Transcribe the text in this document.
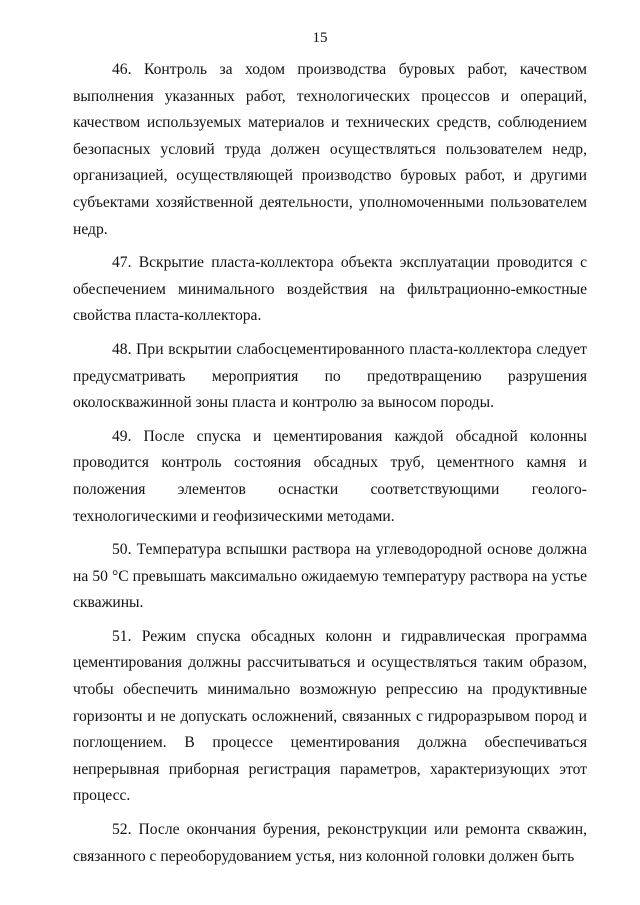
15

46. Контроль за ходом производства буровых работ, качеством выполнения указанных работ, технологических процессов и операций, качеством используемых материалов и технических средств, соблюдением безопасных условий труда должен осуществляться пользователем недр, организацией, осуществляющей производство буровых работ, и другими субъектами хозяйственной деятельности, уполномоченными пользователем недр.

47. Вскрытие пласта-коллектора объекта эксплуатации проводится с обеспечением минимального воздействия на фильтрационно-емкостные свойства пласта-коллектора.

48. При вскрытии слабосцементированного пласта-коллектора следует предусматривать мероприятия по предотвращению разрушения околоскважинной зоны пласта и контролю за выносом породы.

49. После спуска и цементирования каждой обсадной колонны проводится контроль состояния обсадных труб, цементного камня и положения элементов оснастки соответствующими геолого-технологическими и геофизическими методами.

50. Температура вспышки раствора на углеводородной основе должна на 50 °С превышать максимально ожидаемую температуру раствора на устье скважины.

51. Режим спуска обсадных колонн и гидравлическая программа цементирования должны рассчитываться и осуществляться таким образом, чтобы обеспечить минимально возможную репрессию на продуктивные горизонты и не допускать осложнений, связанных с гидроразрывом пород и поглощением. В процессе цементирования должна обеспечиваться непрерывная приборная регистрация параметров, характеризующих этот процесс.

52. После окончания бурения, реконструкции или ремонта скважин, связанного с переоборудованием устья, низ колонной головки должен быть
